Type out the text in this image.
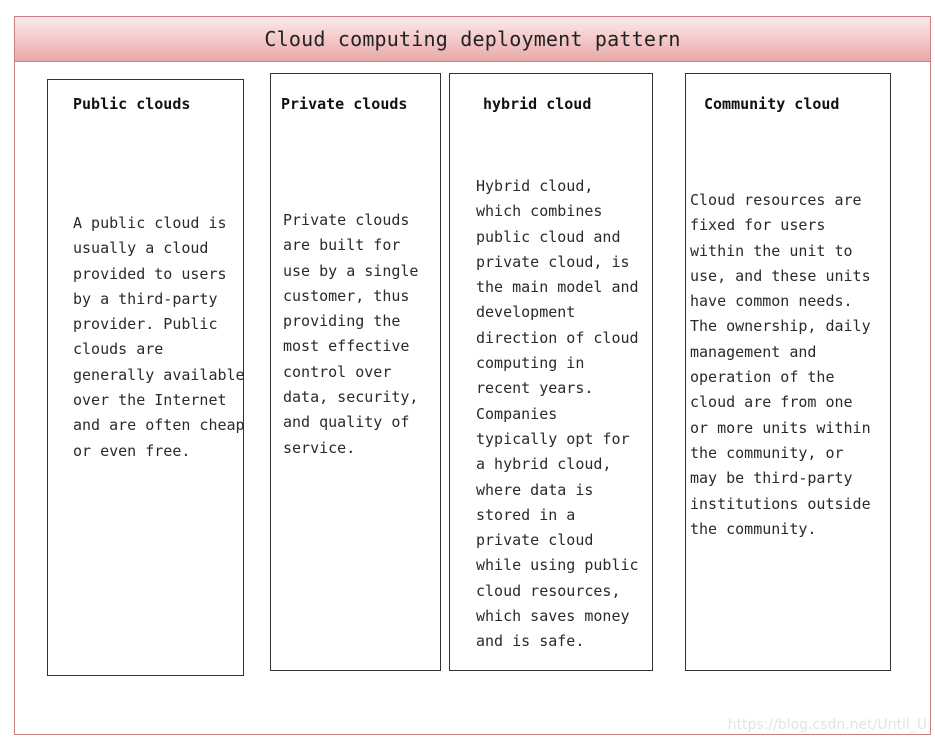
Cloud computing deployment pattern
Public clouds
A public cloud is
usually a cloud
provided to users
by a third-party
provider. Public
clouds are
generally available
over the Internet
and are often cheap
or even free.
Private clouds
Private clouds
are built for
use by a single
customer, thus
providing the
most effective
control over
data, security,
and quality of
service.
hybrid cloud
Hybrid cloud,
which combines
public cloud and
private cloud, is
the main model and
development
direction of cloud
computing in
recent years.
Companies
typically opt for
a hybrid cloud,
where data is
stored in a
private cloud
while using public
cloud resources,
which saves money
and is safe.
Community cloud
Cloud resources are
fixed for users
within the unit to
use, and these units
have common needs.
The ownership, daily
management and
operation of the
cloud are from one
or more units within
the community, or
may be third-party
institutions outside
the community.
https://blog.csdn.net/Until_U
